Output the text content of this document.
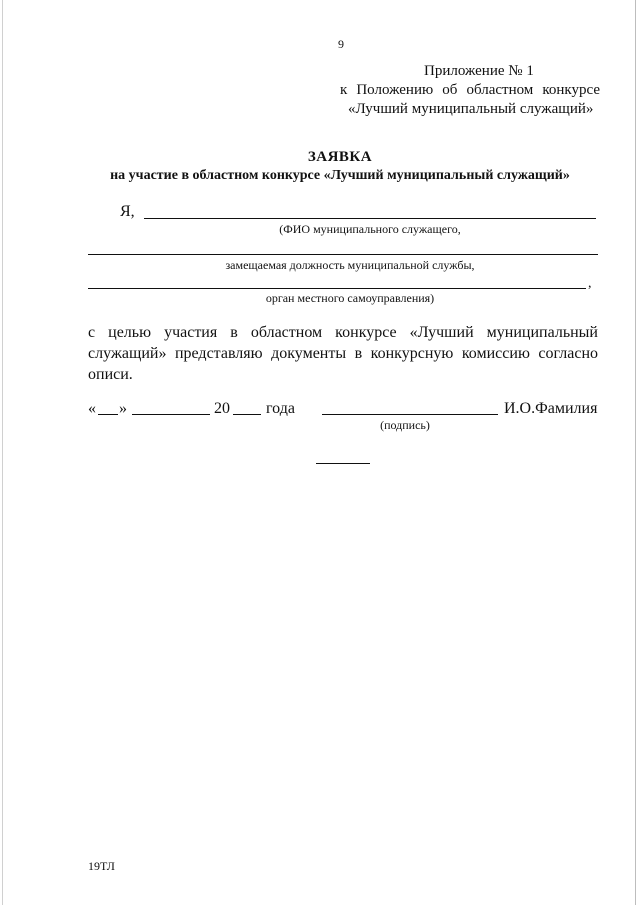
9
Приложение № 1
к Положению об областном конкурсе
«Лучший муниципальный служащий»
ЗАЯВКА
на участие в областном конкурсе «Лучший муниципальный служащий»
Я,
(ФИО муниципального служащего,
замещаемая должность муниципальной службы,
,
орган местного самоуправления)
с целью участия в областном конкурсе «Лучший муниципальный
служащий» представляю документы в конкурсную комиссию согласно
описи.
« »	20 года	И.О.Фамилия
(подпись)
19ТЛ
